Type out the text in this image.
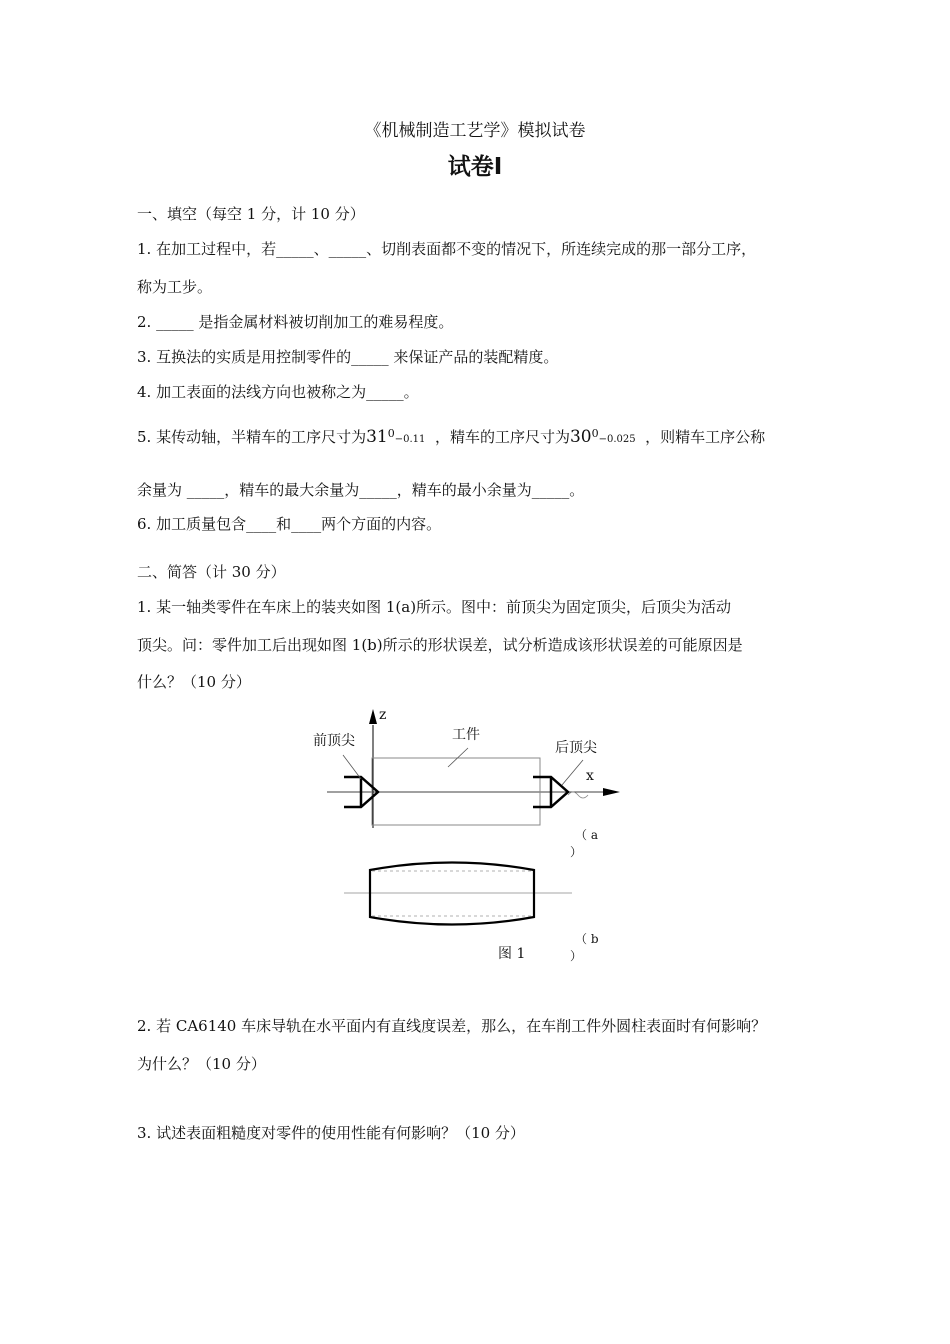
《机械制造工艺学》模拟试卷
试卷Ⅰ
一、填空（每空 1 分，计 10 分）
1. 在加工过程中，若_____、_____、切削表面都不变的情况下，所连续完成的那一部分工序，
称为工步。
2. _____ 是指金属材料被切削加工的难易程度。
3. 互换法的实质是用控制零件的_____ 来保证产品的装配精度。
4. 加工表面的法线方向也被称之为_____。
5. 某传动轴，半精车的工序尺寸为$31^0-0.11$ ，精车的工序尺寸为$30^0-0.025$ ，则精车工序公称
余量为 _____，精车的最大余量为_____，精车的最小余量为_____。
6. 加工质量包含____和____两个方面的内容。
二、简答（计 30 分）
1. 某一轴类零件在车床上的装夹如图 1(a)所示。图中：前顶尖为固定顶尖，后顶尖为活动
顶尖。问：零件加工后出现如图 1(b)所示的形状误差，试分析造成该形状误差的可能原因是
什么？（10 分）
z
x
前顶尖	工件
后顶尖
（ a
）
（ b
）
图 1
2. 若 CA6140 车床导轨在水平面内有直线度误差，那么，在车削工件外圆柱表面时有何影响？
为什么？（10 分）
3. 试述表面粗糙度对零件的使用性能有何影响？（10 分）
